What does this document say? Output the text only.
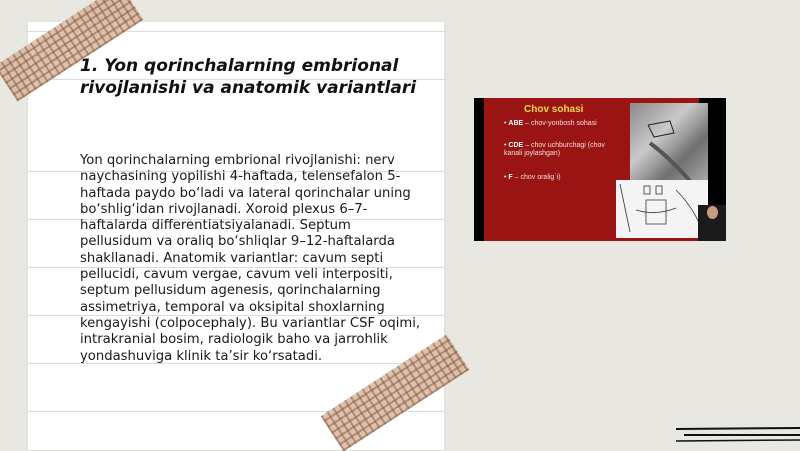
1. Yon qorinchalarning embrional rivojlanishi va anatomik variantlari

Yon qorinchalarning embrional rivojlanishi: nerv naychasining yopilishi 4-haftada, telensefalon 5-haftada paydo bo‘ladi va lateral qorinchalar uning bo‘shlig‘idan rivojlanadi. Xoroid plexus 6–7-haftalarda differentiatsiyalanadi. Septum pellusidum va oraliq bo‘shliqlar 9–12-haftalarda shakllanadi. Anatomik variantlar: cavum septi pellucidi, cavum vergae, cavum veli interpositi, septum pellusidum agenesis, qorinchalarning assimetriya, temporal va oksipital shoxlarning kengayishi (colpocephaly). Bu variantlar CSF oqimi, intrakranial bosim, radiologik baho va jarrohlik yondashuviga klinik ta’sir ko‘rsatadi.

Chov sohasi
• ABE – chov-yonbosh sohasi
• CDE – chov uchburchagi (chov kanali joylashgan)
• F – chov oralig`i)
